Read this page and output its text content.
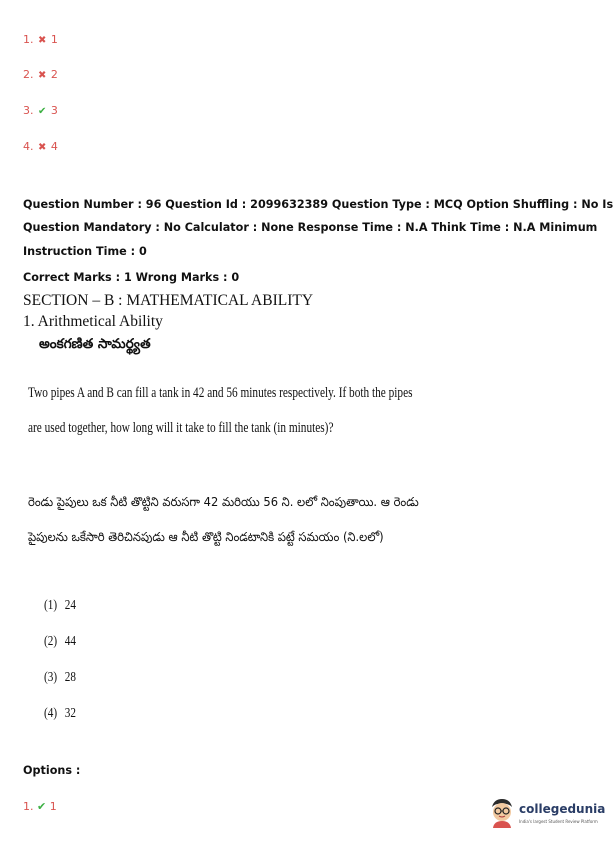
1. ✖ 1
2. ✖ 2
3. ✔ 3
4. ✖ 4
Question Number : 96 Question Id : 2099632389 Question Type : MCQ Option Shuffling : No Is
Question Mandatory : No Calculator : None Response Time : N.A Think Time : N.A Minimum
Instruction Time : 0
Correct Marks : 1 Wrong Marks : 0
SECTION – B : MATHEMATICAL ABILITY
1. Arithmetical Ability
అంకగణిత సామర్థ్యత
Two pipes A and B can fill a tank in 42 and 56 minutes respectively. If both the pipes
are used together, how long will it take to fill the tank (in minutes)?
రెండు పైపులు ఒక నీటి తొట్టిని వరుసగా 42 మరియు 56 ని. లలో నింపుతాయి. ఆ రెండు
పైపులను ఒకేసారి తెరిచినపుడు ఆ నీటి తొట్టి నిండటానికి పట్టే సమయం (ని.లలో)
(1) 24
(2) 44
(3) 28
(4) 32
Options :
1. ✔ 1	collegedunia
India's largest Student Review Platform
